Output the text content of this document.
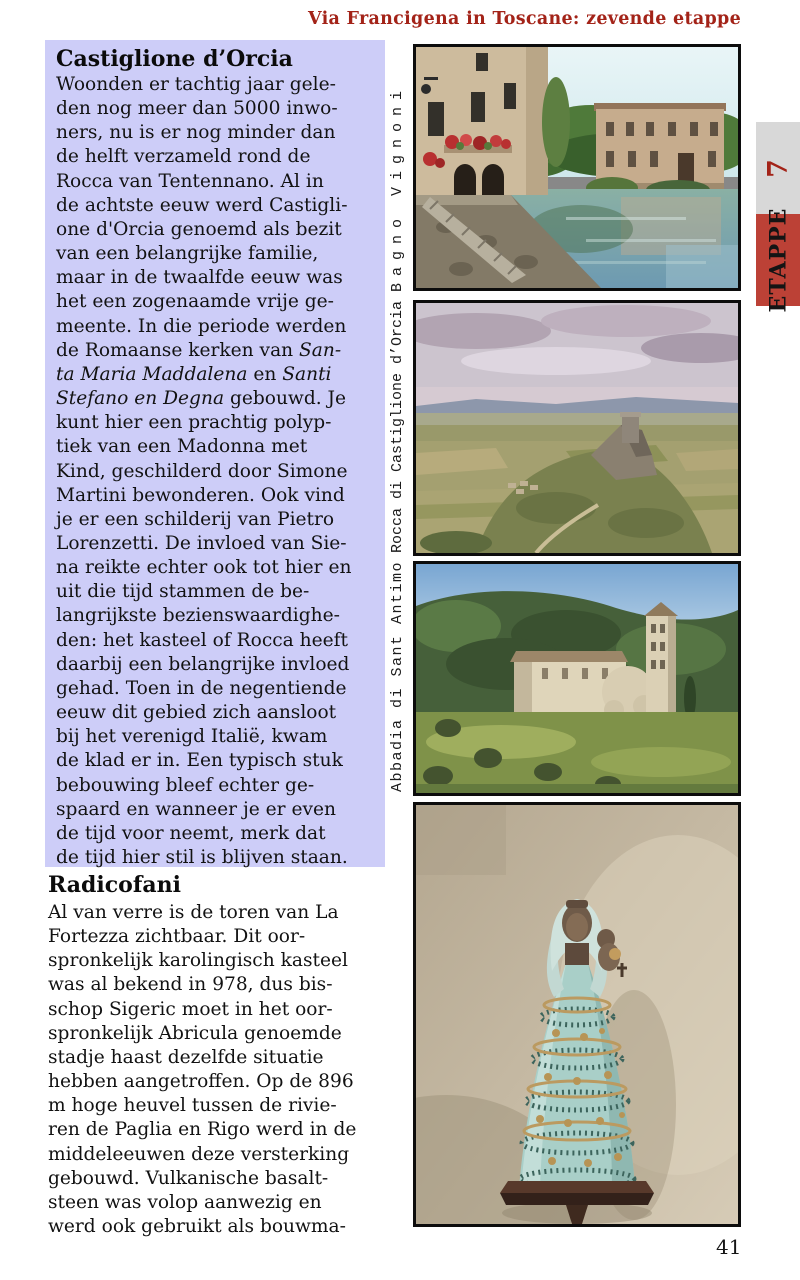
Via Francigena in Toscane: zevende etappe
Castiglione d’Orcia
Woonden er tachtig jaar gele-
den nog meer dan 5000 inwo-
ners, nu is er nog minder dan
de helft verzameld rond de
Rocca van Tentennano. Al in
de achtste eeuw werd Castigli-
one d'Orcia genoemd als bezit
van een belangrijke familie,
maar in de twaalfde eeuw was
het een zogenaamde vrije ge-
meente. In die periode werden
de Romaanse kerken van San-
ta Maria Maddalena en Santi
Stefano en Degna gebouwd. Je
kunt hier een prachtig polyp-
tiek van een Madonna met
Kind, geschilderd door Simone
Martini bewonderen. Ook vind
je er een schilderij van Pietro
Lorenzetti. De invloed van Sie-
na reikte echter ook tot hier en
uit die tijd stammen de be-
langrijkste bezienswaardighe-
den: het kasteel of Rocca heeft
daarbij een belangrijke invloed
gehad. Toen in de negentiende
eeuw dit gebied zich aansloot
bij het verenigd Italië, kwam
de klad er in. Een typisch stuk
bebouwing bleef echter ge-
spaard en wanneer je er even
de tijd voor neemt, merk dat
de tijd hier stil is blijven staan.
Radicofani
Al van verre is de toren van La
Fortezza zichtbaar. Dit oor-
spronkelijk karolingisch kasteel
was al bekend in 978, dus bis-
schop Sigeric moet in het oor-
spronkelijk Abricula genoemde
stadje haast dezelfde situatie
hebben aangetroffen. Op de 896
m hoge heuvel tussen de rivie-
ren de Paglia en Rigo werd in de
middeleeuwen deze versterking
gebouwd. Vulkanische basalt-
steen was volop aanwezig en
werd ook gebruikt als bouwma-
Bagno Vignoni
Rocca di Castiglione d’Orcia
Abbadia di Sant Antimo
7
ETAPPE
41
